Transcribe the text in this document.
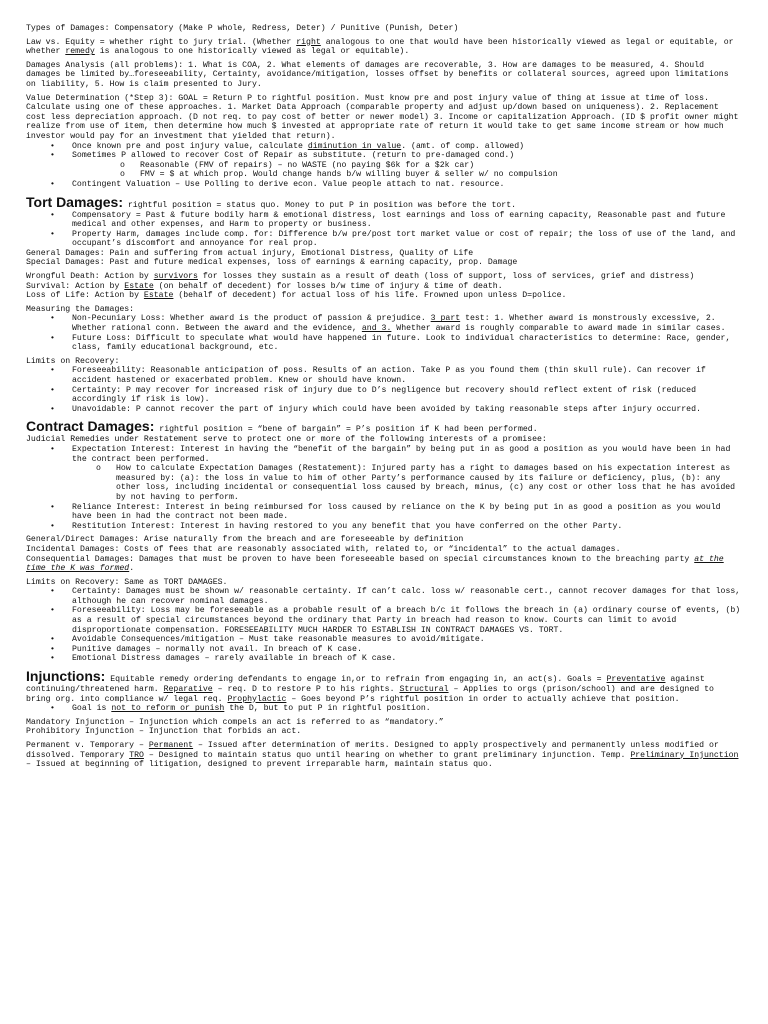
Types of Damages: Compensatory (Make P whole, Redress, Deter) / Punitive (Punish, Deter)

Law vs. Equity = whether right to jury trial. (Whether right analogous to one that would have been historically viewed as legal or equitable, or whether remedy is analogous to one historically viewed as legal or equitable).

Damages Analysis (all problems): 1. What is COA, 2. What elements of damages are recoverable, 3. How are damages to be measured, 4. Should damages be limited by…foreseeability, Certainty, avoidance/mitigation, losses offset by benefits or collateral sources, agreed upon limitations on liability, 5. How is claim presented to Jury.

Value Determination (*Step 3): GOAL = Return P to rightful position. Must know pre and post injury value of thing at issue at time of loss. Calculate using one of these approaches. 1. Market Data Approach (comparable property and adjust up/down based on uniqueness). 2. Replacement cost less depreciation approach. (D not req. to pay cost of better or newer model) 3. Income or capitalization Approach. (ID $ profit owner might realize from use of item, then determine how much $ invested at appropriate rate of return it would take to get same income stream or how much investor would pay for an investment that yielded that return).

• Once known pre and post injury value, calculate diminution in value. (amt. of comp. allowed)
• Sometimes P allowed to recover Cost of Repair as substitute. (return to pre-damaged cond.)
o Reasonable (FMV of repairs) – no WASTE (no paying $6k for a $2k car)
o FMV = $ at which prop. Would change hands b/w willing buyer & seller w/ no compulsion
• Contingent Valuation – Use Polling to derive econ. Value people attach to nat. resource.

Tort Damages: rightful position = status quo. Money to put P in position was before the tort.

• Compensatory = Past & future bodily harm & emotional distress, lost earnings and loss of earning capacity, Reasonable past and future medical and other expenses, and Harm to property or business.
• Property Harm, damages include comp. for: Difference b/w pre/post tort market value or cost of repair; the loss of use of the land, and occupant’s discomfort and annoyance for real prop.

General Damages: Pain and suffering from actual injury, Emotional Distress, Quality of Life

Special Damages: Past and future medical expenses, loss of earnings & earning capacity, prop. Damage

Wrongful Death: Action by survivors for losses they sustain as a result of death (loss of support, loss of services, grief and distress)

Survival: Action by Estate (on behalf of decedent) for losses b/w time of injury & time of death.

Loss of Life: Action by Estate (behalf of decedent) for actual loss of his life. Frowned upon unless D=police.

Measuring the Damages:

• Non-Pecuniary Loss: Whether award is the product of passion & prejudice. 3 part test: 1. Whether award is monstrously excessive, 2. Whether rational conn. Between the award and the evidence, and 3. Whether award is roughly comparable to award made in similar cases.
• Future Loss: Difficult to speculate what would have happened in future. Look to individual characteristics to determine: Race, gender, class, family educational background, etc.

Limits on Recovery:

• Foreseeability: Reasonable anticipation of poss. Results of an action. Take P as you found them (thin skull rule). Can recover if accident hastened or exacerbated problem. Knew or should have known.
• Certainty: P may recover for increased risk of injury due to D’s negligence but recovery should reflect extent of risk (reduced accordingly if risk is low).
• Unavoidable: P cannot recover the part of injury which could have been avoided by taking reasonable steps after injury occurred.

Contract Damages: rightful position = “bene of bargain” = P’s position if K had been performed.

Judicial Remedies under Restatement serve to protect one or more of the following interests of a promisee:

• Expectation Interest: Interest in having the “benefit of the bargain” by being put in as good a position as you would have been in had the contract been performed.
o How to calculate Expectation Damages (Restatement): Injured party has a right to damages based on his expectation interest as measured by: (a): the loss in value to him of other Party’s performance caused by its failure or deficiency, plus, (b): any other loss, including incidental or consequential loss caused by breach, minus, (c) any cost or other loss that he has avoided by not having to perform.
• Reliance Interest: Interest in being reimbursed for loss caused by reliance on the K by being put in as good a position as you would have been in had the contract not been made.
• Restitution Interest: Interest in having restored to you any benefit that you have conferred on the other Party.

General/Direct Damages: Arise naturally from the breach and are foreseeable by definition

Incidental Damages: Costs of fees that are reasonably associated with, related to, or “incidental” to the actual damages.

Consequential Damages: Damages that must be proven to have been foreseeable based on special circumstances known to the breaching party at the time the K was formed.

Limits on Recovery: Same as TORT DAMAGES.

• Certainty: Damages must be shown w/ reasonable certainty. If can’t calc. loss w/ reasonable cert., cannot recover damages for that loss, although he can recover nominal damages.
• Foreseeability: Loss may be foreseeable as a probable result of a breach b/c it follows the breach in (a) ordinary course of events, (b) as a result of special circumstances beyond the ordinary that Party in breach had reason to know. Courts can limit to avoid disproportionate compensation. FORESEEABILITY MUCH HARDER TO ESTABLISH IN CONTRACT DAMAGES VS. TORT.
• Avoidable Consequences/mitigation – Must take reasonable measures to avoid/mitigate.
• Punitive damages – normally not avail. In breach of K case.
• Emotional Distress damages – rarely available in breach of K case.

Injunctions: Equitable remedy ordering defendants to engage in,or to refrain from engaging in, an act(s). Goals = Preventative against continuing/threatened harm. Reparative – req. D to restore P to his rights. Structural – Applies to orgs (prison/school) and are designed to bring org. into compliance w/ legal req. Prophylactic – Goes beyond P’s rightful position in order to actually achieve that position.

• Goal is not to reform or punish the D, but to put P in rightful position.

Mandatory Injunction – Injunction which compels an act is referred to as “mandatory.”

Prohibitory Injunction – Injunction that forbids an act.

Permanent v. Temporary – Permanent – Issued after determination of merits. Designed to apply prospectively and permanently unless modified or dissolved. Temporary TRO – Designed to maintain status quo until hearing on whether to grant preliminary injunction. Temp. Preliminary Injunction – Issued at beginning of litigation, designed to prevent irreparable harm, maintain status quo.
